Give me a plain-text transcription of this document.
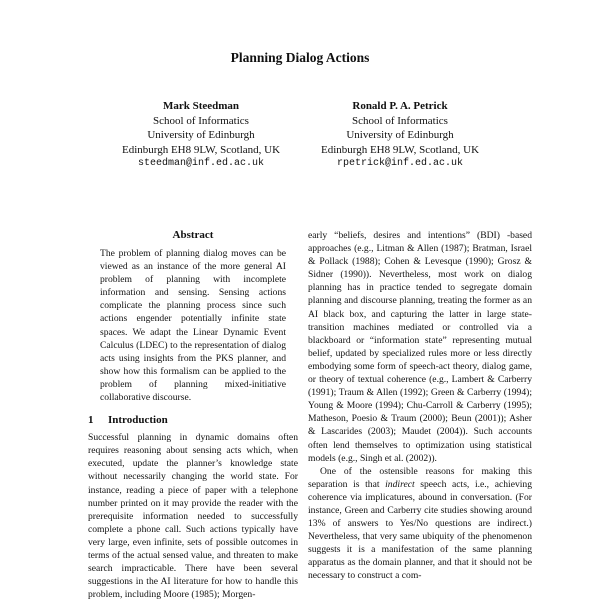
Planning Dialog Actions
Mark Steedman
School of Informatics
University of Edinburgh
Edinburgh EH8 9LW, Scotland, UK
steedman@inf.ed.ac.uk
Ronald P. A. Petrick
School of Informatics
University of Edinburgh
Edinburgh EH8 9LW, Scotland, UK
rpetrick@inf.ed.ac.uk
Abstract

The problem of planning dialog moves can be viewed as an instance of the more general AI problem of planning with incomplete information and sensing. Sensing actions complicate the planning process since such actions engender potentially infinite state spaces. We adapt the Linear Dynamic Event Calculus (LDEC) to the representation of dialog acts using insights from the PKS planner, and show how this formalism can be applied to the problem of planning mixed-initiative collaborative discourse.

1 Introduction

Successful planning in dynamic domains often requires reasoning about sensing acts which, when executed, update the planner’s knowledge state without necessarily changing the world state. For instance, reading a piece of paper with a telephone number printed on it may provide the reader with the prerequisite information needed to successfully complete a phone call. Such actions typically have very large, even infinite, sets of possible outcomes in terms of the actual sensed value, and threaten to make search impracticable. There have been several suggestions in the AI literature for how to handle this problem, including Moore (1985); Morgen-

early “beliefs, desires and intentions” (BDI) -based approaches (e.g., Litman & Allen (1987); Bratman, Israel & Pollack (1988); Cohen & Levesque (1990); Grosz & Sidner (1990)). Nevertheless, most work on dialog planning has in practice tended to segregate domain planning and discourse planning, treating the former as an AI black box, and capturing the latter in large state-transition machines mediated or controlled via a blackboard or “information state” representing mutual belief, updated by specialized rules more or less directly embodying some form of speech-act theory, dialog game, or theory of textual coherence (e.g., Lambert & Carberry (1991); Traum & Allen (1992); Green & Carberry (1994); Young & Moore (1994); Chu-Carroll & Carberry (1995); Matheson, Poesio & Traum (2000); Beun (2001)); Asher & Lascarides (2003); Maudet (2004)). Such accounts often lend themselves to optimization using statistical models (e.g., Singh et al. (2002)).

One of the ostensible reasons for making this separation is that indirect speech acts, i.e., achieving coherence via implicatures, abound in conversation. (For instance, Green and Carberry cite studies showing around 13% of answers to Yes/No questions are indirect.) Nevertheless, that very same ubiquity of the phenomenon suggests it is a manifestation of the same planning apparatus as the domain planner, and that it should not be necessary to construct a com-
